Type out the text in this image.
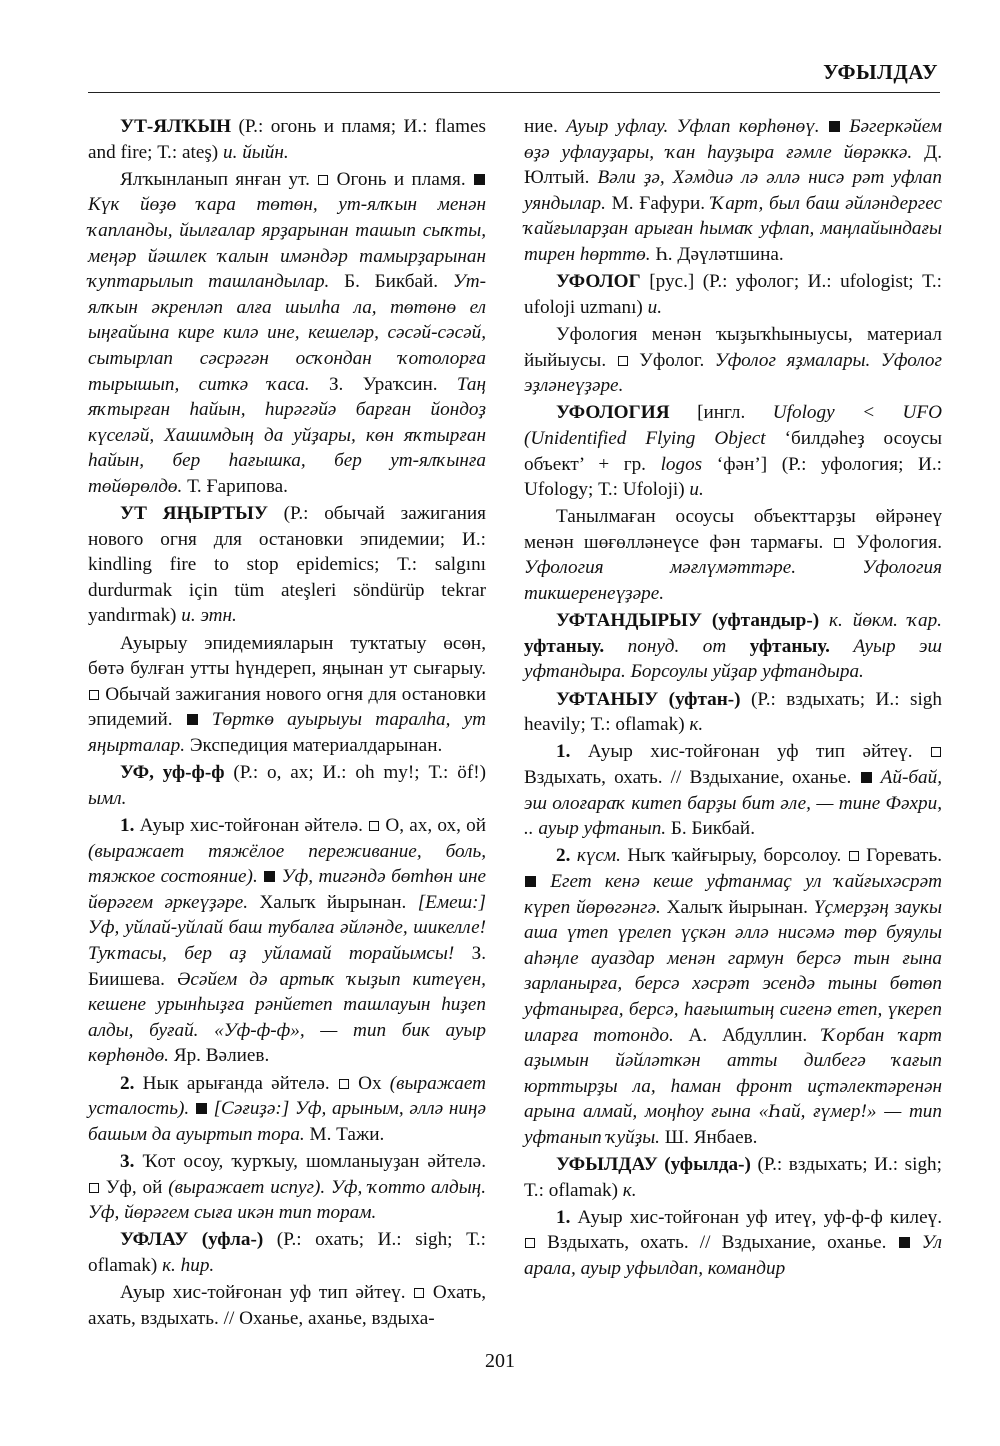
УФЫЛДАУ

УТ-ЯЛҠЫН (Р.: огонь и пламя; И.: flames and fire; Т.: ateş) и. йыйн.

Ялҡынланып янған ут.  Огонь и пламя.  Күк йөҙө ҡара төтөн, ут-ялҡын менән ҡапланды, йылғалар ярҙарынан ташып сыҡты, меңәр йәшлек ҡалын имәндәр тамырҙарынан ҡуптарылып ташландылар. Б. Бикбай. Ут-ялҡын әкренләп алға шылһа ла, төтөнө ел ыңғайына кире килә ине, кешеләр, сәсәй-сәсәй, сытырлап сәсрәгән осҡондан ҡотолорға тырышып, ситкә ҡаса. З. Ураҡсин. Таң яҡтырған һайын, һирәгәйә барған йондоҙ күселәй, Хашимдың да уйҙары, көн яҡтырған һайын, бер һағышка, бер ут-ялҡынға төйөрөлдө. Т. Ғарипова.

УТ ЯҢЫРТЫУ (Р.: обычай зажигания нового огня для остановки эпидемии; И.: kindling fire to stop epidemics; Т.: salgını durdurmak için tüm ateşleri söndürüp tekrar yandırmak) и. этн.

Ауырыу эпидемияларын туҡтатыу өсөн, бөтә булған утты һүндереп, яңынан ут сығарыу.  Обычай зажигания нового огня для остановки эпидемий.  Төрткө ауырыуы таралһа, ут яңырталар. Экспедиция материалдарынан.

УФ, уф-ф-ф (Р.: о, ах; И.: oh my!; Т.: öf!) ымл.

1. Ауыр хис-тойғонан әйтелә.  О, ах, ох, ой (выражает тяжёлое переживание, боль, тяжкое состояние).  Уф, тигәндә бөтһөн ине йөрәгем әркеүҙәре. Халыҡ йырынан. [Емеш:] Уф, уйлай-уйлай баш тубалға әйләнде, шикелле! Туҡтасы, бер аҙ уйламай торайымсы! З. Биишева. Әсәйем дә артыҡ ҡыҙып китеүен, кешене урынһыҙға рәнйетеп ташлауын һиҙеп алды, буғай. «Уф-ф-ф», — тип бик ауыр көрһөндө. Яр. Вәлиев.

2. Нык арығанда әйтелә.  Ох (выражает усталость).  [Сәғиҙә:] Уф, арыным, әллә ниңә башым да ауыртып тора. М. Тажи.

3. Ҡот осоу, ҡурҡыу, шомланыуҙан әйтелә.  Уф, ой (выражает испуг). Уф, ҡотто алдың. Уф, йөрәгем сыға икән тип торам.

УФЛАУ (уфла-) (Р.: охать; И.: sigh; Т.: oflamak) к. һир.

Ауыр хис-тойғонан уф тип әйтеү.  Охать, ахать, вздыхать. // Оханье, аханье, вздыха-

ние. Ауыр уфлау. Уфлап көрһөнөү.  Бәгеркәйем өҙә уфлауҙары, ҡан һауҙыра ғәмле йөрәккә. Д. Юлтый. Вәли ҙә, Хәмдиә лә әллә нисә рәт уфлап уяндылар. М. Ғафури. Ҡарт, был баш әйләндергес ҡайғыларҙан арыған һымаҡ уфлап, маңлайындағы тирен һөрттө. Һ. Дәүләтшина.

УФОЛОГ [рус.] (Р.: уфолог; И.: ufologist; Т.: ufoloji uzmanı) и.

Уфология менән ҡыҙыҡһыныусы, материал йыйыусы.  Уфолог. Уфолог яҙмалары. Уфолог эҙләнеүҙәре.

УФОЛОГИЯ [ингл. Ufology < UFO (Unidentified Flying Object ‘билдәһеҙ осоусы объект’ + гр. logos ‘фән’] (Р.: уфология; И.: Ufology; Т.: Ufoloji) и.

Танылмаған осоусы объекттарҙы өйрәнеү менән шөғөлләнеүсе фән тармағы.  Уфология. Уфология мәғлүмәттәре. Уфология тикшеренеүҙәре.

УФТАНДЫРЫУ (уфтандыр-) к. йөкм. ҡар. уфтаныу. понуд. от уфтаныу. Ауыр эш уфтандыра. Борсоулы уйҙар уфтандыра.

УФТАНЫУ (уфтан-) (Р.: вздыхать; И.: sigh heavily; Т.: oflamak) к.

1. Ауыр хис-тойғонан уф тип әйтеү.  Вздыхать, охать. // Вздыхание, оханье.  Ай-бай, эш олоғараҡ китеп барҙы бит әле, — тине Фәхри, .. ауыр уфтанып. Б. Бикбай.

2. күсм. Ныҡ ҡайғырыу, борсолоу.  Горевать.  Егет кенә кеше уфтанмаҫ ул ҡайғыхәсрәт күреп йөрөгәнгә. Халыҡ йырынан. Үҫмерҙәң заукы аша үтеп үрелеп үҫкән әллә нисәмә төр буяулы аһәңле ауаздар менән гармун берсә тын ғына зарланырға, берсә хәсрәт эсендә тыны бөтөп уфтанырға, берсә, һағыштың сигенә етеп, үкереп иларға тотондо. А. Абдуллин. Ҡорбан ҡарт аҙымын йәйләткән атты дилбегә ҡағып юрттырҙы ла, һаман фронт иҫтәлектәренән арына алмай, моңһоу ғына «Һай, ғүмер!» — тип уфтанып ҡуйҙы. Ш. Янбаев.

УФЫЛДАУ (уфылда-) (Р.: вздыхать; И.: sigh; Т.: oflamak) к.

1. Ауыр хис-тойғонан уф итеү, уф-ф-ф килеү.  Вздыхать, охать. // Вздыхание, оханье.  Ул арала, ауыр уфылдап, командир

201
